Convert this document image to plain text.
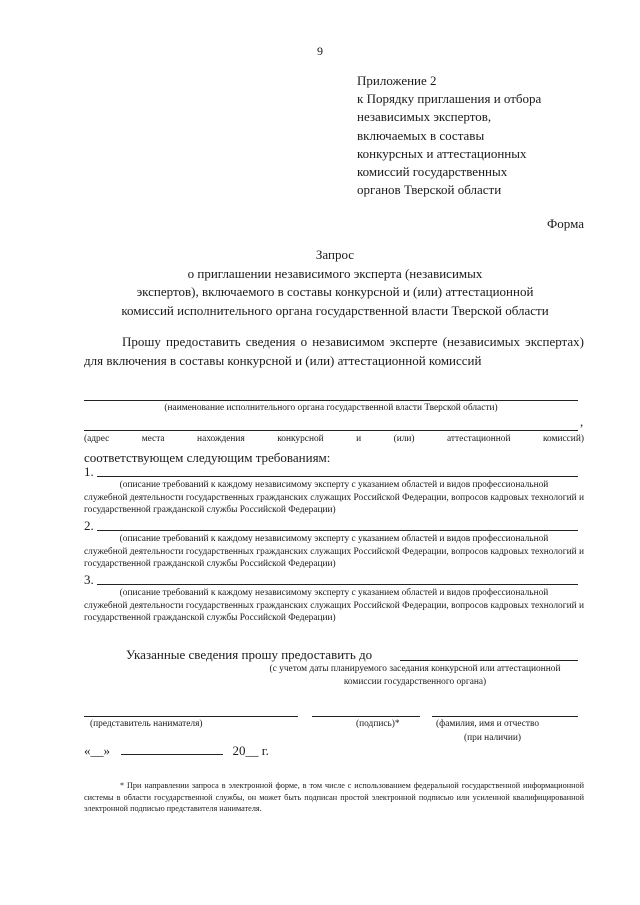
9
Приложение 2
к Порядку приглашения и отбора
независимых экспертов,
включаемых в составы
конкурсных и аттестационных
комиссий государственных
органов Тверской области
Форма
Запрос
о приглашении независимого эксперта (независимых
экспертов), включаемого в составы конкурсной и (или) аттестационной
комиссий исполнительного органа государственной власти Тверской области
Прошу предоставить сведения о независимом эксперте (независимых экспертах) для включения в составы конкурсной и (или) аттестационной комиссий
(наименование исполнительного органа государственной власти Тверской области)
,
(адрес	места	нахождения	конкурсной	и	(или)	аттестационной	комиссий)
соответствующем следующим требованиям:
1.
(описание требований к каждому независимому эксперту с указанием областей и видов профессиональной
служебной деятельности государственных гражданских служащих Российской Федерации, вопросов кадровых технологий и государственной гражданской службы Российской Федерации)
2.
(описание требований к каждому независимому эксперту с указанием областей и видов профессиональной
служебной деятельности государственных гражданских служащих Российской Федерации, вопросов кадровых технологий и государственной гражданской службы Российской Федерации)
3.
(описание требований к каждому независимому эксперту с указанием областей и видов профессиональной
служебной деятельности государственных гражданских служащих Российской Федерации, вопросов кадровых технологий и государственной гражданской службы Российской Федерации)
Указанные сведения прошу предоставить до
(с учетом даты планируемого заседания конкурсной или аттестационной
комиссии государственного органа)
(представитель нанимателя)	(подпись)*	(фамилия, имя и отчество
(при наличии)
«__»	20__ г.
* При направлении запроса в электронной форме, в том числе с использованием федеральной государственной информационной системы в области государственной службы, он может быть подписан простой электронной подписью или усиленной квалифицированной электронной подписью представителя нанимателя.
